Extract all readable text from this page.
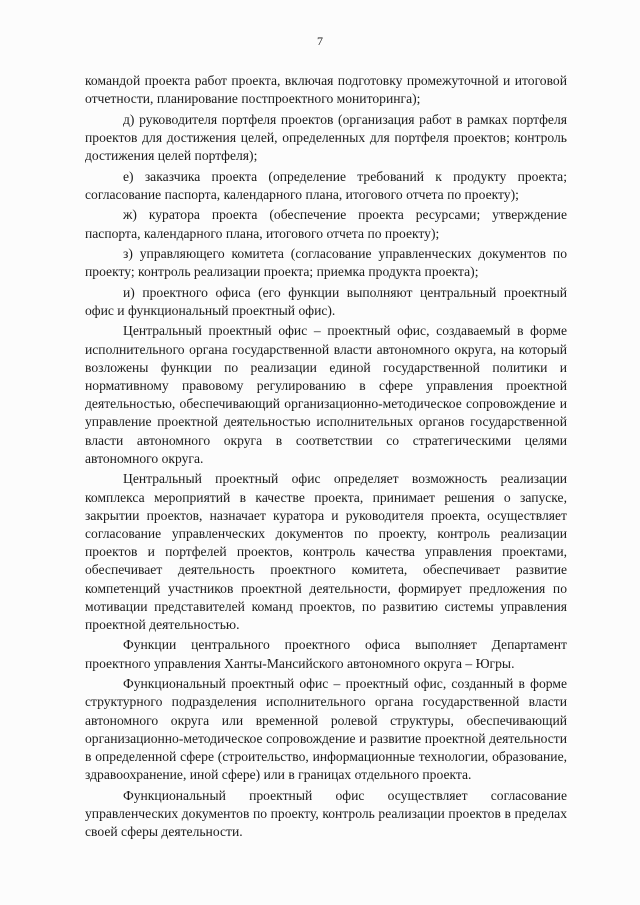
7

командой проекта работ проекта, включая подготовку промежуточной и итоговой отчетности, планирование постпроектного мониторинга);

д) руководителя портфеля проектов (организация работ в рамках портфеля проектов для достижения целей, определенных для портфеля проектов; контроль достижения целей портфеля);

е) заказчика проекта (определение требований к продукту проекта; согласование паспорта, календарного плана, итогового отчета по проекту);

ж) куратора проекта (обеспечение проекта ресурсами; утверждение паспорта, календарного плана, итогового отчета по проекту);

з) управляющего комитета (согласование управленческих документов по проекту; контроль реализации проекта; приемка продукта проекта);

и) проектного офиса (его функции выполняют центральный проектный офис и функциональный проектный офис).

Центральный проектный офис – проектный офис, создаваемый в форме исполнительного органа государственной власти автономного округа, на который возложены функции по реализации единой государственной политики и нормативному правовому регулированию в сфере управления проектной деятельностью, обеспечивающий организационно-методическое сопровождение и управление проектной деятельностью исполнительных органов государственной власти автономного округа в соответствии со стратегическими целями автономного округа.

Центральный проектный офис определяет возможность реализации комплекса мероприятий в качестве проекта, принимает решения о запуске, закрытии проектов, назначает куратора и руководителя проекта, осуществляет согласование управленческих документов по проекту, контроль реализации проектов и портфелей проектов, контроль качества управления проектами, обеспечивает деятельность проектного комитета, обеспечивает развитие компетенций участников проектной деятельности, формирует предложения по мотивации представителей команд проектов, по развитию системы управления проектной деятельностью.

Функции центрального проектного офиса выполняет Департамент проектного управления Ханты-Мансийского автономного округа – Югры.

Функциональный проектный офис – проектный офис, созданный в форме структурного подразделения исполнительного органа государственной власти автономного округа или временной ролевой структуры, обеспечивающий организационно-методическое сопровождение и развитие проектной деятельности в определенной сфере (строительство, информационные технологии, образование, здравоохранение, иной сфере) или в границах отдельного проекта.

Функциональный проектный офис осуществляет согласование управленческих документов по проекту, контроль реализации проектов в пределах своей сферы деятельности.
